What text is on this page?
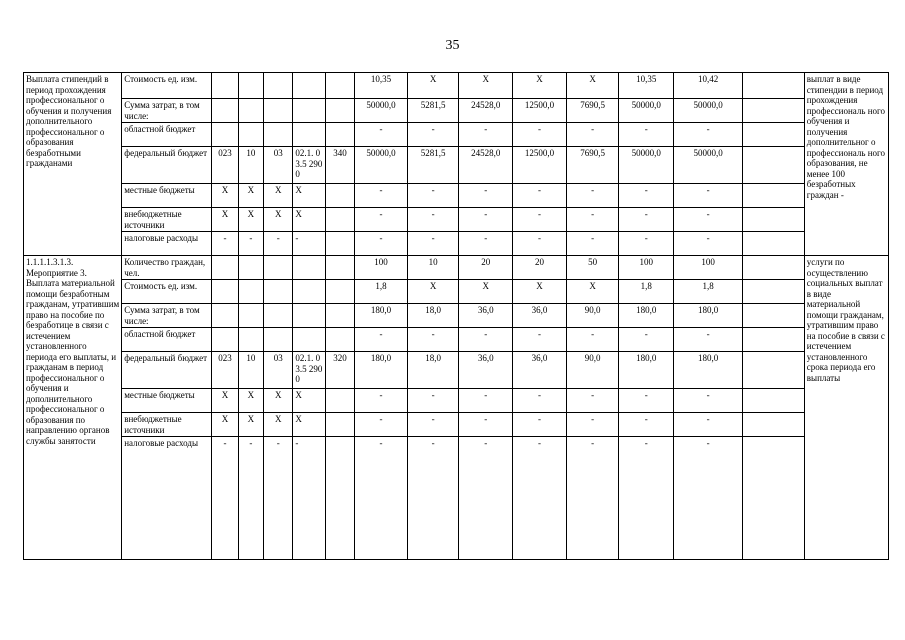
35
Выплата стипендий в период прохождения профессиональног о обучения и получения дополнительного профессиональног о образования безработными гражданами	Стоимость ед. изм.						10,35	X	X	X	X	10,35	10,42		выплат в виде стипендии в период прохождения профессиональ ного обучения и получения дополнительног о профессиональ ного образования, не менее 100 безработных граждан -
	Сумма затрат, в том числе:						50000,0	5281,5	24528,0	12500,0	7690,5	50000,0	50000,0		
	областной бюджет						-	-	-	-	-	-	-		
	федеральный бюджет	023	10	03	02.1. 03.5 2900	340	50000,0	5281,5	24528,0	12500,0	7690,5	50000,0	50000,0		
	местные бюджеты	X	X	X	X		-	-	-	-	-	-	-		
	внебюджетные источники	X	X	X	X		-	-	-	-	-	-	-		
	налоговые расходы	-	-	-	-		-	-	-	-	-	-	-		
1.1.1.1.3.1.3. Мероприятие 3. Выплата материальной помощи безработным гражданам, утратившим право на пособие по безработице в связи с истечением установленного периода его выплаты, и гражданам в период профессиональног о обучения и дополнительного профессиональног о образования по направлению органов службы занятости	Количество граждан, чел.						100	10	20	20	50	100	100		услуги по осуществлению социальных выплат в виде материальной помощи гражданам, утратившим право на пособие в связи с истечением установленного срока периода его выплаты
	Стоимость ед. изм.						1,8	X	X	X	X	1,8	1,8		
	Сумма затрат, в том числе:						180,0	18,0	36,0	36,0	90,0	180,0	180,0		
	областной бюджет						-	-	-	-	-	-	-		
	федеральный бюджет	023	10	03	02.1. 03.5 2900	320	180,0	18,0	36,0	36,0	90,0	180,0	180,0		
	местные бюджеты	X	X	X	X		-	-	-	-	-	-	-		
	внебюджетные источники	X	X	X	X		-	-	-	-	-	-	-		
	налоговые расходы	-	-	-	-		-	-	-	-	-	-	-		
